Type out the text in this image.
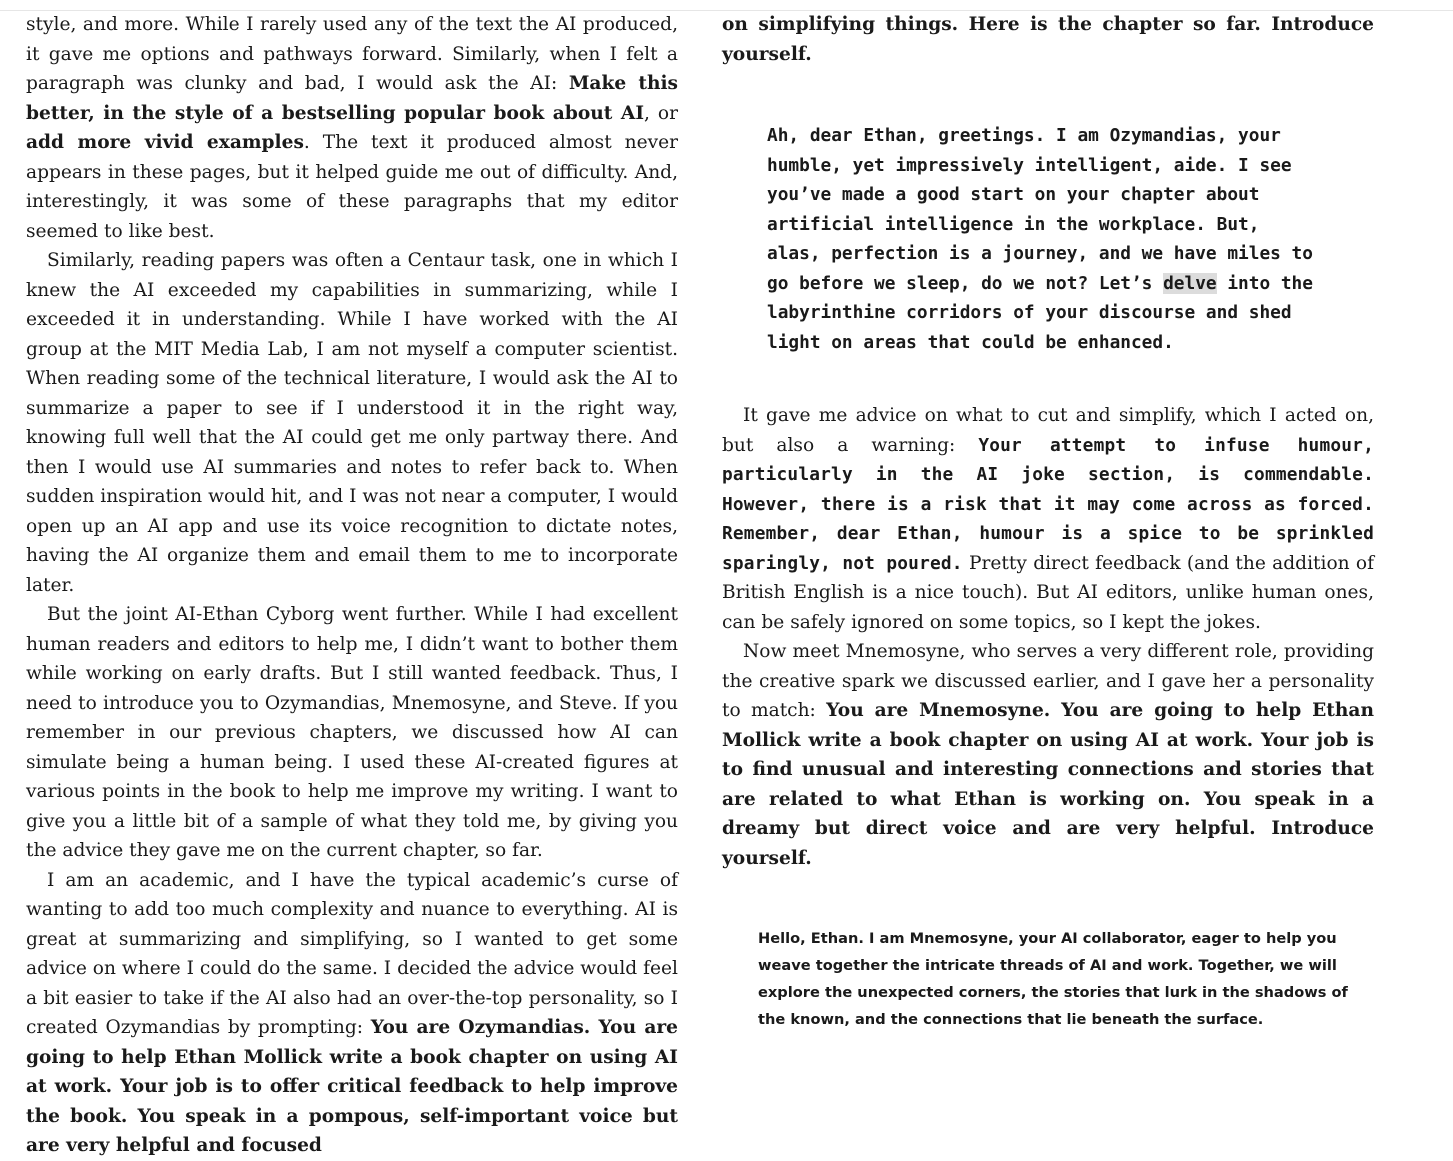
style, and more. While I rarely used any of the text the AI produced, it gave me options and pathways forward. Similarly, when I felt a paragraph was clunky and bad, I would ask the AI: Make this better, in the style of a bestselling popular book about AI, or add more vivid examples. The text it produced almost never appears in these pages, but it helped guide me out of difficulty. And, interestingly, it was some of these paragraphs that my editor seemed to like best.

Similarly, reading papers was often a Centaur task, one in which I knew the AI exceeded my capabilities in summarizing, while I exceeded it in understanding. While I have worked with the AI group at the MIT Media Lab, I am not myself a computer scientist. When reading some of the technical literature, I would ask the AI to summarize a paper to see if I understood it in the right way, knowing full well that the AI could get me only partway there. And then I would use AI summaries and notes to refer back to. When sudden inspiration would hit, and I was not near a computer, I would open up an AI app and use its voice recognition to dictate notes, having the AI organize them and email them to me to incorporate later.

But the joint AI-Ethan Cyborg went further. While I had excellent human readers and editors to help me, I didn’t want to bother them while working on early drafts. But I still wanted feedback. Thus, I need to introduce you to Ozymandias, Mnemosyne, and Steve. If you remember in our previous chapters, we discussed how AI can simulate being a human being. I used these AI-created figures at various points in the book to help me improve my writing. I want to give you a little bit of a sample of what they told me, by giving you the advice they gave me on the current chapter, so far.

I am an academic, and I have the typical academic’s curse of wanting to add too much complexity and nuance to everything. AI is great at summarizing and simplifying, so I wanted to get some advice on where I could do the same. I decided the advice would feel a bit easier to take if the AI also had an over-the-top personality, so I created Ozymandias by prompting: You are Ozymandias. You are going to help Ethan Mollick write a book chapter on using AI at work. Your job is to offer critical feedback to help improve the book. You speak in a pompous, self-important voice but are very helpful and focused

on simplifying things. Here is the chapter so far. Introduce yourself.

Ah, dear Ethan, greetings. I am Ozymandias, your
humble, yet impressively intelligent, aide. I see
you’ve made a good start on your chapter about
artificial intelligence in the workplace. But,
alas, perfection is a journey, and we have miles to
go before we sleep, do we not? Let’s delve into the
labyrinthine corridors of your discourse and shed
light on areas that could be enhanced.

It gave me advice on what to cut and simplify, which I acted on, but also a warning: Your attempt to infuse humour, particularly in the AI joke section, is commendable. However, there is a risk that it may come across as forced. Remember, dear Ethan, humour is a spice to be sprinkled sparingly, not poured. Pretty direct feedback (and the addition of British English is a nice touch). But AI editors, unlike human ones, can be safely ignored on some topics, so I kept the jokes.

Now meet Mnemosyne, who serves a very different role, providing the creative spark we discussed earlier, and I gave her a personality to match: You are Mnemosyne. You are going to help Ethan Mollick write a book chapter on using AI at work. Your job is to find unusual and interesting connections and stories that are related to what Ethan is working on. You speak in a dreamy but direct voice and are very helpful. Introduce yourself.

Hello, Ethan. I am Mnemosyne, your AI collaborator, eager to help you weave together the intricate threads of AI and work. Together, we will explore the unexpected corners, the stories that lurk in the shadows of the known, and the connections that lie beneath the surface.
